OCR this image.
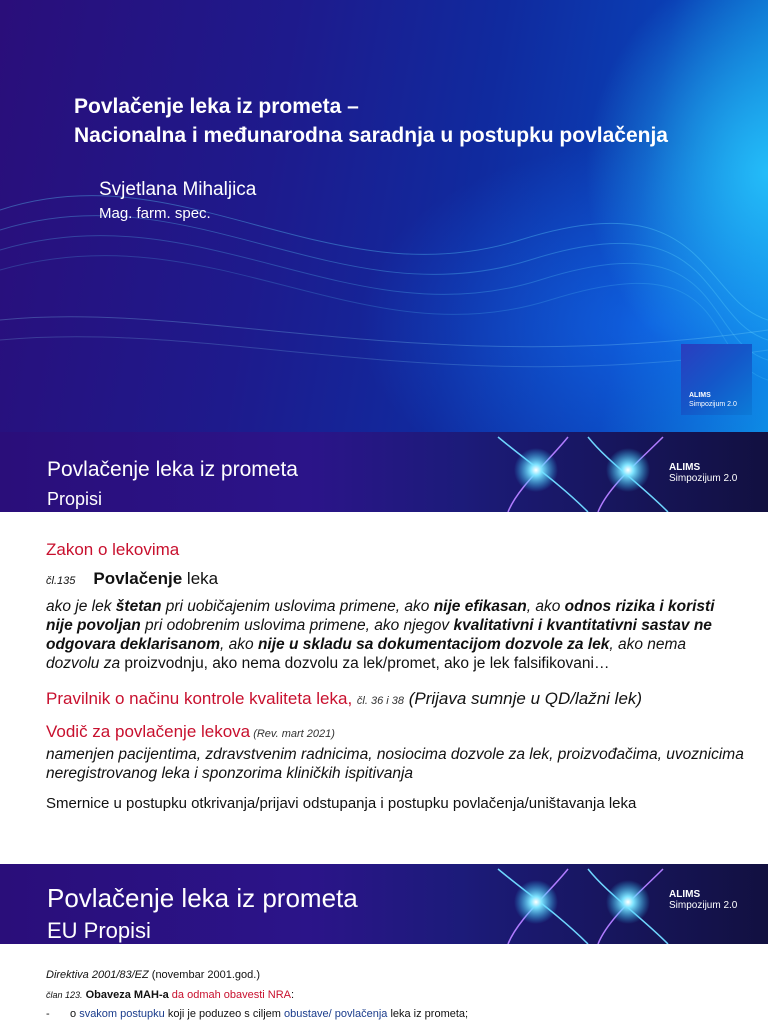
Povlačenje leka iz prometa –
Nacionalna i međunarodna saradnja u postupku povlačenja
Svjetlana Mihaljica
Mag. farm. spec.
ALIMS
Simpozijum 2.0
Povlačenje leka iz prometa
Propisi
ALIMS
Simpozijum 2.0
Zakon o lekovima
čl.135 Povlačenje leka

ako je lek štetan pri uobičajenim uslovima primene, ako nije efikasan, ako odnos rizika i koristi nije povoljan pri odobrenim uslovima primene, ako njegov kvalitativni i kvantitativni sastav ne odgovara deklarisanom, ako nije u skladu sa dokumentacijom dozvole za lek, ako nema dozvolu za proizvodnju, ako nema dozvolu za lek/promet, ako je lek falsifikovani…

Pravilnik o načinu kontrole kvaliteta leka, čl. 36 i 38 (Prijava sumnje u QD/lažni lek)
Vodič za povlačenje lekova (Rev. mart 2021)

namenjen pacijentima, zdravstvenim radnicima, nosiocima dozvole za lek, proizvođačima, uvoznicima neregistrovanog leka i sponzorima kliničkih ispitivanja

Smernice u postupku otkrivanja/prijavi odstupanja i postupku povlačenja/uništavanja leka
Povlačenje leka iz prometa
EU Propisi
ALIMS
Simpozijum 2.0
Direktiva 2001/83/EZ (novembar 2001.god.)
član 123. Obaveza MAH-a da odmah obavesti NRA:
- o svakom postupku koji je poduzeo s ciljem obustave/ povlačenja leka iz prometa;
